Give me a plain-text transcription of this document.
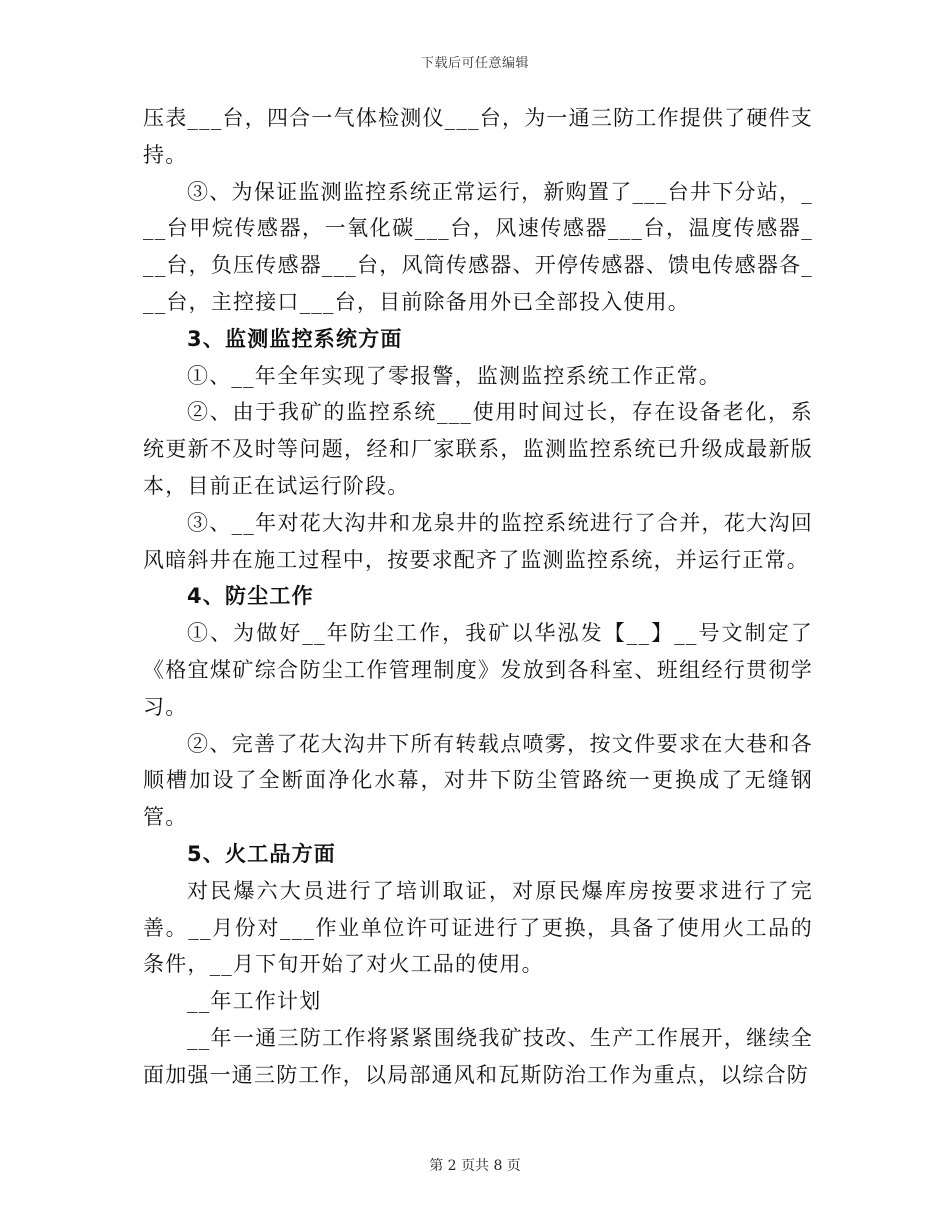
下载后可任意编辑

压表___台，四合一气体检测仪___台，为一通三防工作提供了硬件支持。

③、为保证监测监控系统正常运行，新购置了___台井下分站，___台甲烷传感器，一氧化碳___台，风速传感器___台，温度传感器___台，负压传感器___台，风筒传感器、开停传感器、馈电传感器各___台，主控接口___台，目前除备用外已全部投入使用。

3、监测监控系统方面

①、__年全年实现了零报警，监测监控系统工作正常。

②、由于我矿的监控系统___使用时间过长，存在设备老化，系统更新不及时等问题，经和厂家联系，监测监控系统已升级成最新版本，目前正在试运行阶段。

③、__年对花大沟井和龙泉井的监控系统进行了合并，花大沟回风暗斜井在施工过程中，按要求配齐了监测监控系统，并运行正常。

4、防尘工作

①、为做好__年防尘工作，我矿以华泓发【__】__号文制定了《格宜煤矿综合防尘工作管理制度》发放到各科室、班组经行贯彻学习。

②、完善了花大沟井下所有转载点喷雾，按文件要求在大巷和各顺槽加设了全断面净化水幕，对井下防尘管路统一更换成了无缝钢管。

5、火工品方面

对民爆六大员进行了培训取证，对原民爆库房按要求进行了完善。__月份对___作业单位许可证进行了更换，具备了使用火工品的条件，__月下旬开始了对火工品的使用。

__年工作计划

__年一通三防工作将紧紧围绕我矿技改、生产工作展开，继续全面加强一通三防工作，以局部通风和瓦斯防治工作为重点，以综合防

第 2 页共 8 页
